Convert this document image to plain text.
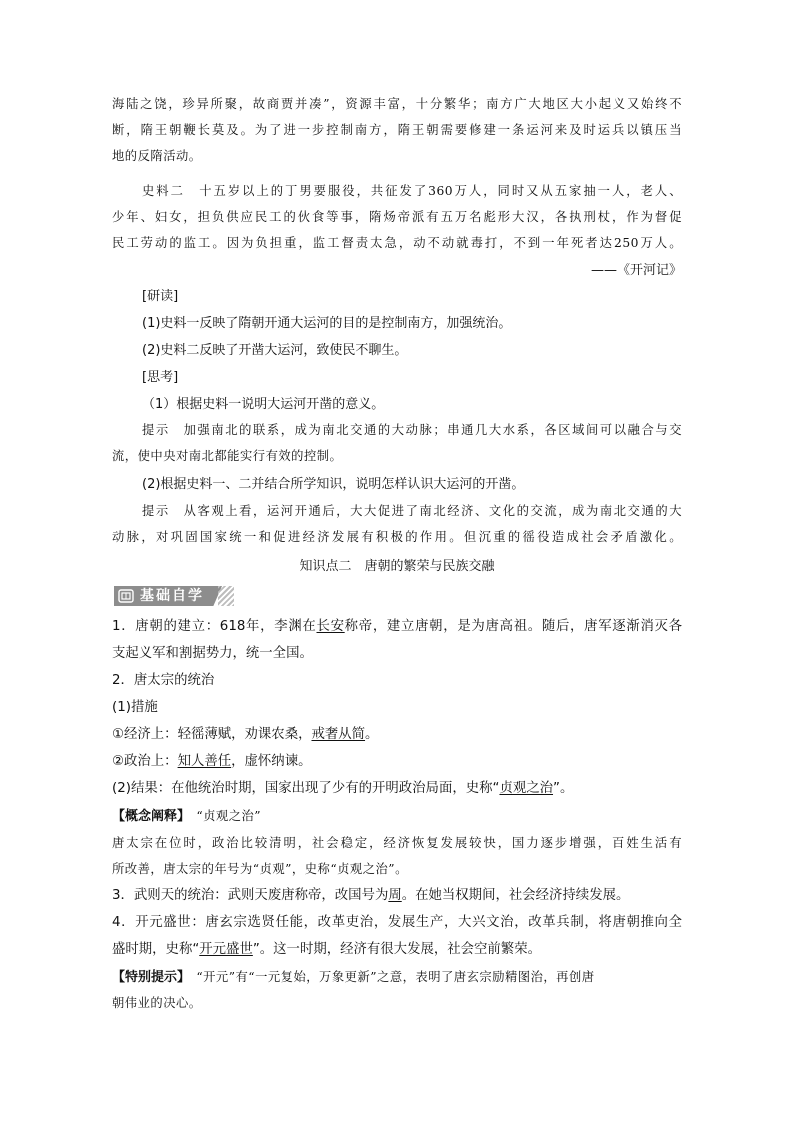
海陆之饶，珍异所聚，故商贾并凑”，资源丰富，十分繁华；南方广大地区大小起义又始终不
断，隋王朝鞭长莫及。为了进一步控制南方，隋王朝需要修建一条运河来及时运兵以镇压当
地的反隋活动。
史料二　十五岁以上的丁男要服役，共征发了360万人，同时又从五家抽一人，老人、
少年、妇女，担负供应民工的伙食等事，隋炀帝派有五万名彪形大汉，各执刑杖，作为督促
民工劳动的监工。因为负担重，监工督责太急，动不动就毒打，不到一年死者达250万人。
——《开河记》
[研读]
(1)史料一反映了隋朝开通大运河的目的是控制南方，加强统治。
(2)史料二反映了开凿大运河，致使民不聊生。
[思考]
（1）根据史料一说明大运河开凿的意义。
提示　加强南北的联系，成为南北交通的大动脉；串通几大水系，各区域间可以融合与交
流，使中央对南北都能实行有效的控制。
(2)根据史料一、二并结合所学知识，说明怎样认识大运河的开凿。
提示　从客观上看，运河开通后，大大促进了南北经济、文化的交流，成为南北交通的大
动脉，对巩固国家统一和促进经济发展有积极的作用。但沉重的徭役造成社会矛盾激化。
知识点二　唐朝的繁荣与民族交融
基础自学
1．唐朝的建立：618年，李渊在长安称帝，建立唐朝，是为唐高祖。随后，唐军逐渐消灭各
支起义军和割据势力，统一全国。
2．唐太宗的统治
(1)措施
①经济上：轻徭薄赋，劝课农桑，戒奢从简。
②政治上：知人善任，虚怀纳谏。
(2)结果：在他统治时期，国家出现了少有的开明政治局面，史称“贞观之治”。
【概念阐释】　“贞观之治”
唐太宗在位时，政治比较清明，社会稳定，经济恢复发展较快，国力逐步增强，百姓生活有
所改善，唐太宗的年号为“贞观”，史称“贞观之治”。
3．武则天的统治：武则天废唐称帝，改国号为周。在她当权期间，社会经济持续发展。
4．开元盛世：唐玄宗选贤任能，改革吏治，发展生产，大兴文治，改革兵制，将唐朝推向全
盛时期，史称“开元盛世”。这一时期，经济有很大发展，社会空前繁荣。
【特别提示】　“开元”有“一元复始，万象更新”之意，表明了唐玄宗励精图治，再创唐
朝伟业的决心。
